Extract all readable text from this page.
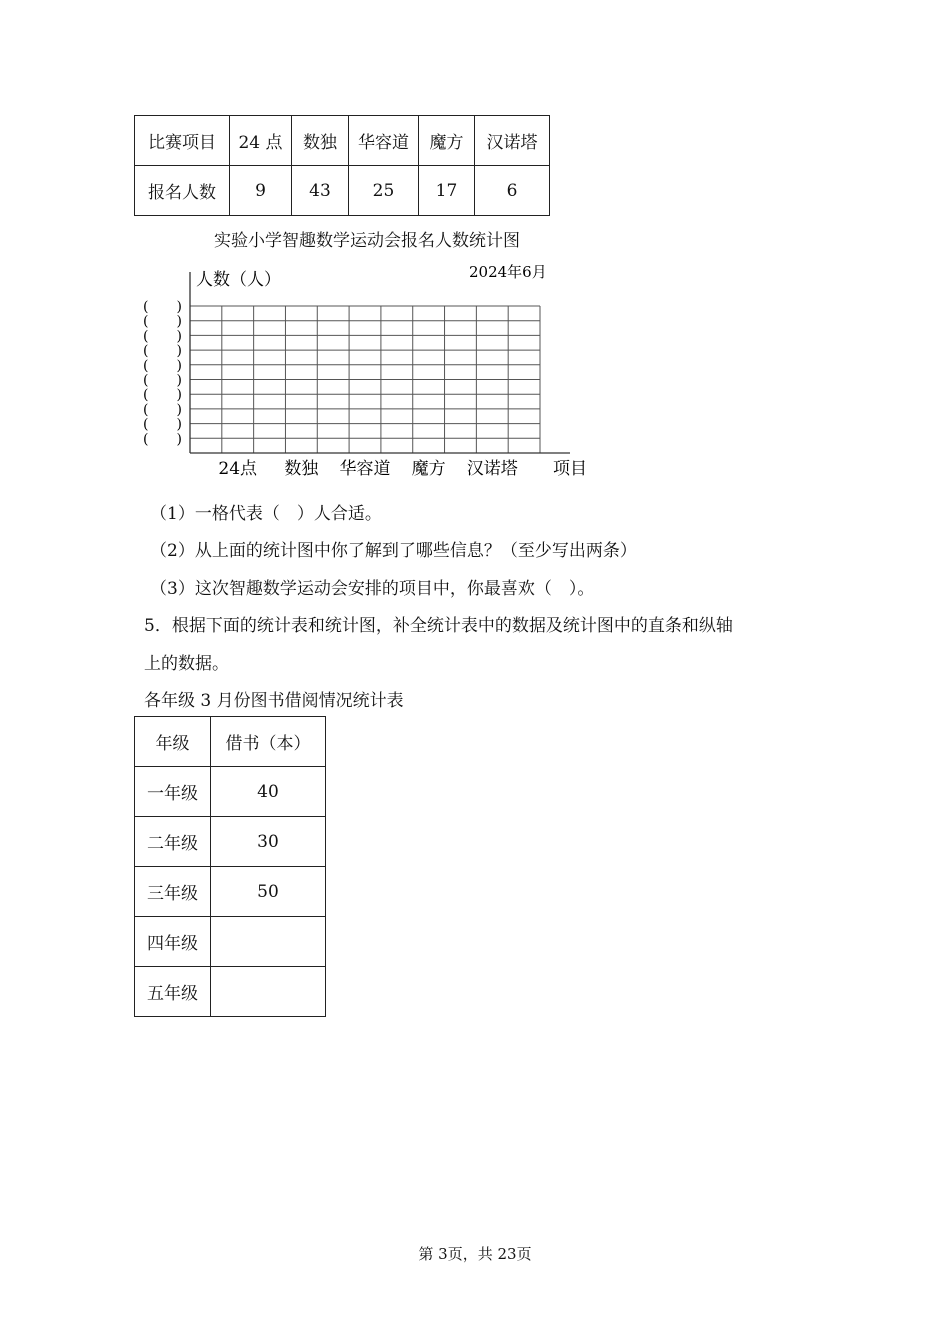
比赛项目	24 点	数独	华容道	魔方	汉诺塔
报名人数	9	43	25	17	6
实验小学智趣数学运动会报名人数统计图
人数（人）	2024年6月
项目
(　　)
(　　)
(　　)
(　　)
(　　)
(　　)
(　　)
(　　)
(　　)
(　　)
24点 数独 华容道 魔方 汉诺塔
（1）一格代表（　）人合适。
（2）从上面的统计图中你了解到了哪些信息？（至少写出两条）
（3）这次智趣数学运动会安排的项目中，你最喜欢（　）。
5．根据下面的统计表和统计图，补全统计表中的数据及统计图中的直条和纵轴
上的数据。
各年级 3 月份图书借阅情况统计表
年级	借书（本）
一年级	40
二年级	30
三年级	50
四年级	
五年级	
第 3页，共 23页
